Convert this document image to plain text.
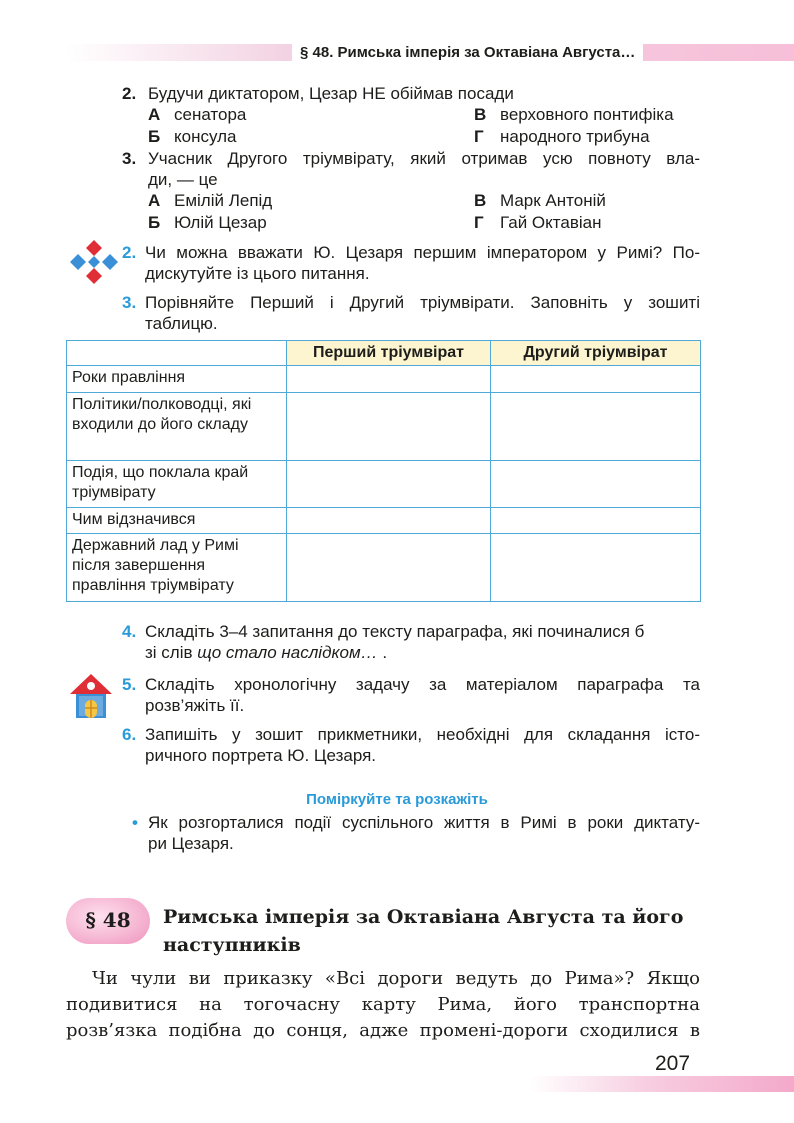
§ 48. Римська імперія за Октавіана Августа…
2. Будучи диктатором, Цезар НЕ обіймав посади
А сенатора
Б консула
В верховного понтифіка
Г народного трибуна
3. Учасник Другого тріумвірату, який отримав усю повноту вла-
ди, — це
А Емілій Лепід
Б Юлій Цезар
В Марк Антоній
Г Гай Октавіан
2. Чи можна вважати Ю. Цезаря першим імператором у Римі? По-
дискутуйте із цього питання.
3. Порівняйте Перший і Другий тріумвірати. Заповніть у зошиті
таблицю.
	Перший тріумвірат	Другий тріумвірат
Роки правління		
Політики/полководці, які входили до його складу		
Подія, що поклала край тріумвірату		
Чим відзначився		
Державний лад у Римі після завершення правління тріумвірату		
4. Складіть 3–4 запитання до тексту параграфа, які починалися б
зі слів що стало наслідком… .
5. Складіть хронологічну задачу за матеріалом параграфа та
розв’яжіть її.
6. Запишіть у зошит прикметники, необхідні для складання істо-
ричного портрета Ю. Цезаря.
Поміркуйте та розкажіть
• Як розгорталися події суспільного життя в Римі в роки диктату-
ри Цезаря.
§ 48	Римська імперія за Октавіана Августа та його
наступників
Чи чули ви приказку «Всі дороги ведуть до Рима»? Якщо
подивитися на тогочасну карту Рима, його транспортна
розв’язка подібна до сонця, адже промені-дороги сходилися в
207
